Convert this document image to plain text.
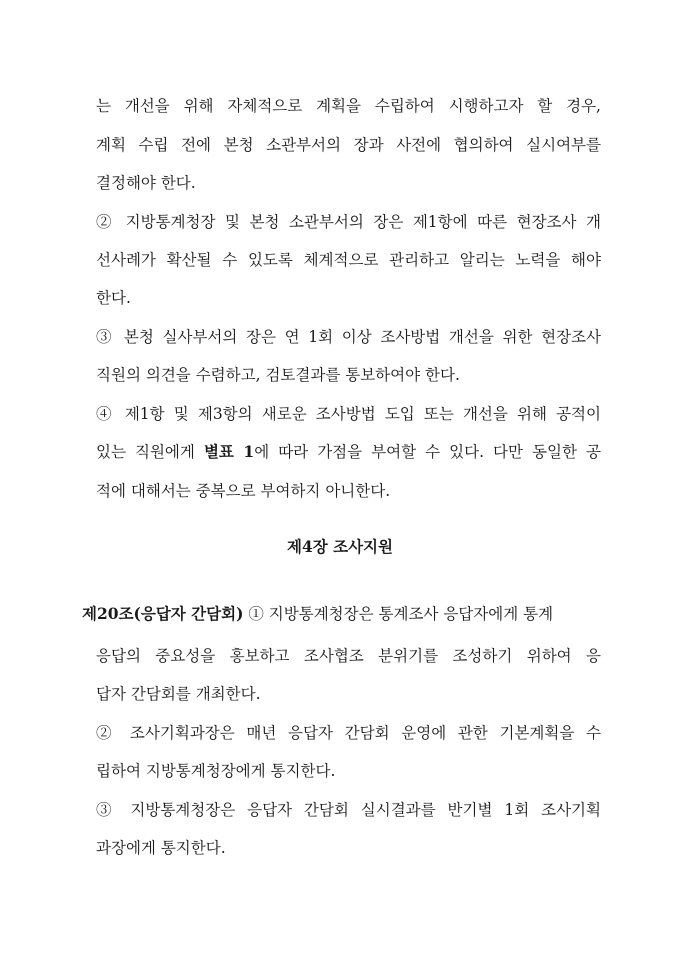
는 개선을 위해 자체적으로 계획을 수립하여 시행하고자 할 경우,
계획 수립 전에 본청 소관부서의 장과 사전에 협의하여 실시여부를
결정해야 한다.
② 지방통계청장 및 본청 소관부서의 장은 제1항에 따른 현장조사 개
선사례가 확산될 수 있도록 체계적으로 관리하고 알리는 노력을 해야
한다.
③ 본청 실사부서의 장은 연 1회 이상 조사방법 개선을 위한 현장조사
직원의 의견을 수렴하고, 검토결과를 통보하여야 한다.
④ 제1항 및 제3항의 새로운 조사방법 도입 또는 개선을 위해 공적이
있는 직원에게 별표 1에 따라 가점을 부여할 수 있다. 다만 동일한 공
적에 대해서는 중복으로 부여하지 아니한다.
제4장 조사지원
제20조(응답자 간담회) ① 지방통계청장은 통계조사 응답자에게 통계
응답의 중요성을 홍보하고 조사협조 분위기를 조성하기 위하여 응
답자 간담회를 개최한다.
② 조사기획과장은 매년 응답자 간담회 운영에 관한 기본계획을 수
립하여 지방통계청장에게 통지한다.
③ 지방통계청장은 응답자 간담회 실시결과를 반기별 1회 조사기획
과장에게 통지한다.
